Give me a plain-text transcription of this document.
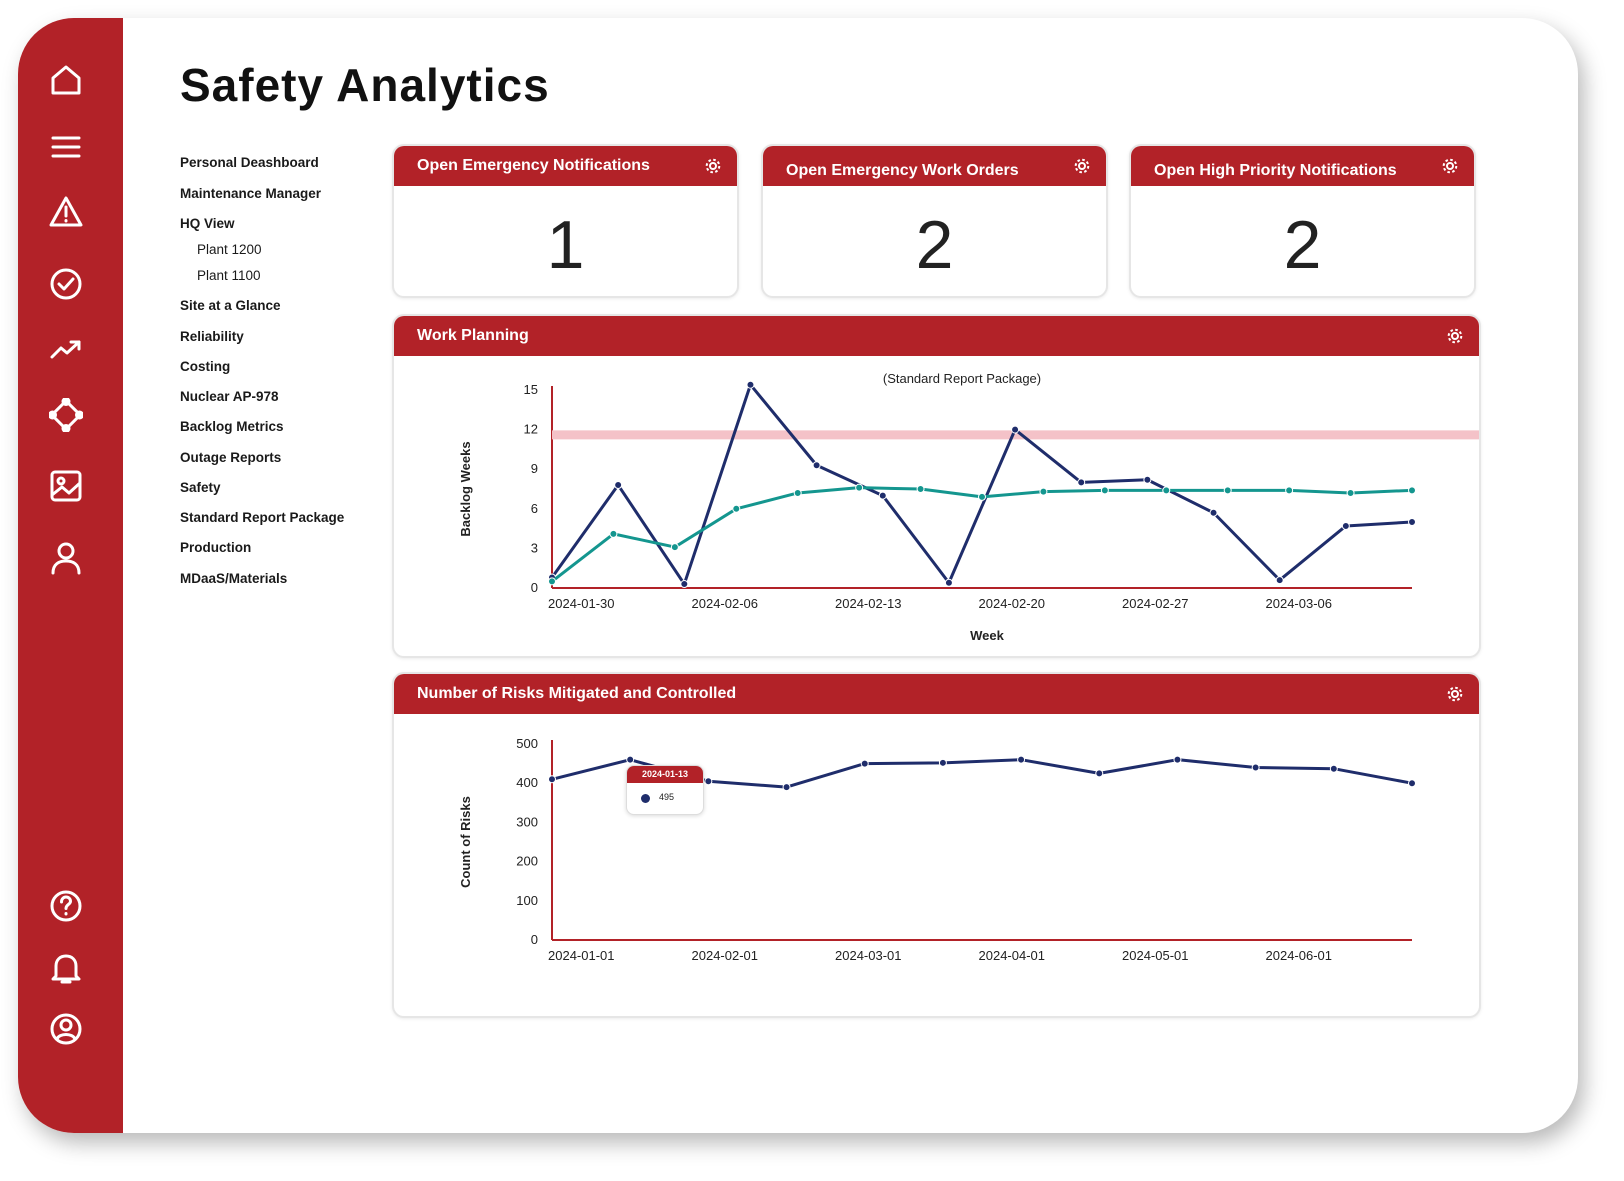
Safety Analytics
Personal Deashboard
Maintenance Manager
HQ View
Plant 1200
Plant 1100
Site at a Glance
Reliability
Costing
Nuclear AP-978
Backlog Metrics
Outage Reports
Safety
Standard Report Package
Production
MDaaS/Materials
Open Emergency Notifications
1
Open Emergency Work Orders
2
Open High Priority Notifications
2
Work Planning
(Standard Report Package)
0
3
6
9
12
15
2024-01-30	2024-02-06	2024-02-13	2024-02-20	2024-02-27	2024-03-06
Backlog Weeks
Week
Number of Risks Mitigated and Controlled
0
100
200
300
400
500
2024-01-01	2024-02-01	2024-03-01	2024-04-01	2024-05-01	2024-06-01
Count of Risks
2024-01-13
495
